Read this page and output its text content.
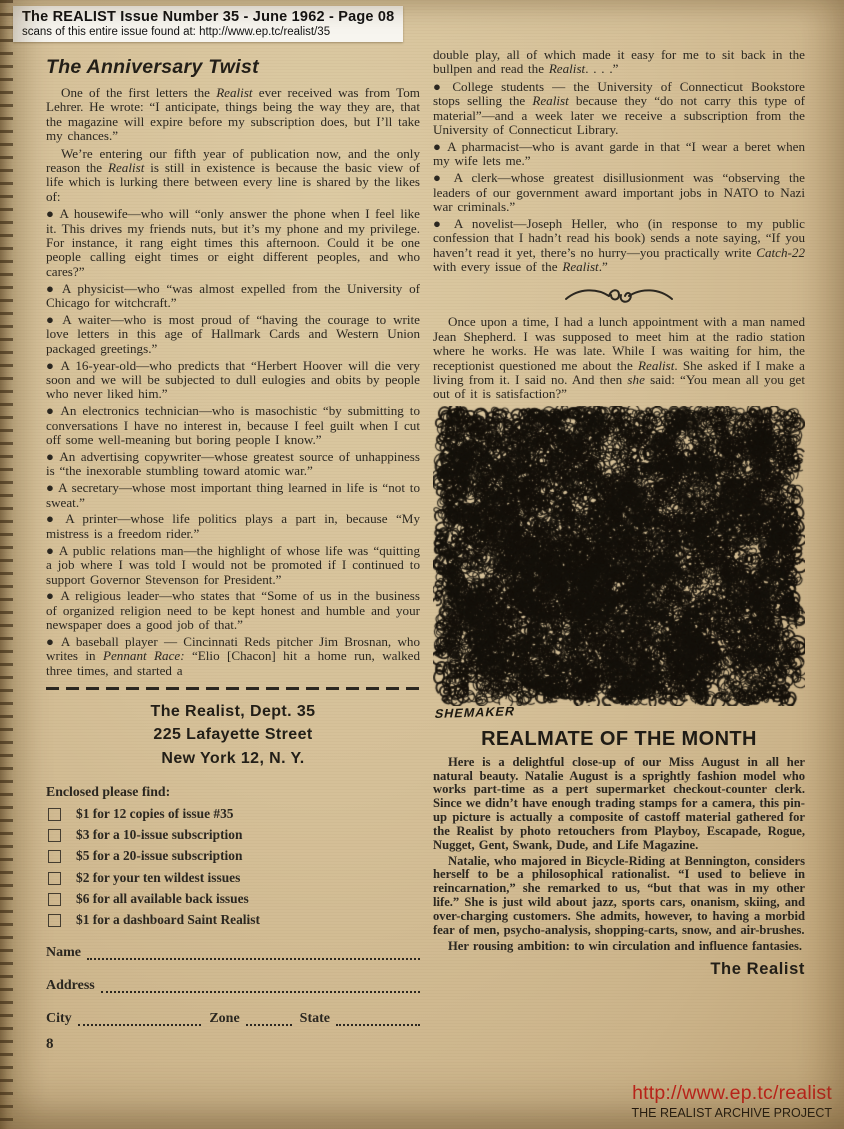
The REALIST Issue Number 35 - June 1962 - Page 08
scans of this entire issue found at: http://www.ep.tc/realist/35
The Anniversary Twist

One of the first letters the Realist ever received was from Tom Lehrer. He wrote: “I anticipate, things being the way they are, that the magazine will expire before my subscription does, but I’ll take my chances.”

We’re entering our fifth year of publication now, and the only reason the Realist is still in existence is because the basic view of life which is lurking there between every line is shared by the likes of:

● A housewife—who will “only answer the phone when I feel like it. This drives my friends nuts, but it’s my phone and my privilege. For instance, it rang eight times this afternoon. Could it be one people calling eight times or eight different peoples, and who cares?”
● A physicist—who “was almost expelled from the University of Chicago for witchcraft.”
● A waiter—who is most proud of “having the courage to write love letters in this age of Hallmark Cards and Western Union packaged greetings.”
● A 16-year-old—who predicts that “Herbert Hoover will die very soon and we will be subjected to dull eulogies and obits by people who never liked him.”
● An electronics technician—who is masochistic “by submitting to conversations I have no interest in, because I feel guilt when I cut off some well-meaning but boring people I know.”
● An advertising copywriter—whose greatest source of unhappiness is “the inexorable stumbling toward atomic war.”
● A secretary—whose most important thing learned in life is “not to sweat.”
● A printer—whose life politics plays a part in, because “My mistress is a freedom rider.”
● A public relations man—the highlight of whose life was “quitting a job where I was told I would not be promoted if I continued to support Governor Stevenson for President.”
● A religious leader—who states that “Some of us in the business of organized religion need to be kept honest and humble and your newspaper does a good job of that.”
● A baseball player — Cincinnati Reds pitcher Jim Brosnan, who writes in Pennant Race: “Elio [Chacon] hit a home run, walked three times, and started a
The Realist, Dept. 35
225 Lafayette Street
New York 12, N. Y.
Enclosed please find:
$1 for 12 copies of issue #35
$3 for a 10-issue subscription
$5 for a 20-issue subscription
$2 for your ten wildest issues
$6 for all available back issues
$1 for a dashboard Saint Realist
Name
Address
City	Zone	State
8

double play, all of which made it easy for me to sit back in the bullpen and read the Realist. . . .”

● College students — the University of Connecticut Bookstore stops selling the Realist because they “do not carry this type of material”—and a week later we receive a subscription from the University of Connecticut Library.
● A pharmacist—who is avant garde in that “I wear a beret when my wife lets me.”
● A clerk—whose greatest disillusionment was “observing the leaders of our government award important jobs in NATO to Nazi war criminals.”
● A novelist—Joseph Heller, who (in response to my public confession that I hadn’t read his book) sends a note saying, “If you haven’t read it yet, there’s no hurry—you practically write Catch-22 with every issue of the Realist.”

Once upon a time, I had a lunch appointment with a man named Jean Shepherd. I was supposed to meet him at the radio station where he works. He was late. While I was waiting for him, the receptionist questioned me about the Realist. She asked if I make a living from it. I said no. And then she said: “You mean all you get out of it is satisfaction?”

SHEMAKER
REALMATE OF THE MONTH

Here is a delightful close-up of our Miss August in all her natural beauty. Natalie August is a sprightly fashion model who works part-time as a pert supermarket checkout-counter clerk. Since we didn’t have enough trading stamps for a camera, this pin-up picture is actually a composite of castoff material gathered for the Realist by photo retouchers from Playboy, Escapade, Rogue, Nugget, Gent, Swank, Dude, and Life Magazine.

Natalie, who majored in Bicycle-Riding at Bennington, considers herself to be a philosophical rationalist. “I used to believe in reincarnation,” she remarked to us, “but that was in my other life.” She is just wild about jazz, sports cars, onanism, skiing, and over-charging customers. She admits, however, to having a morbid fear of men, psycho-analysis, shopping-carts, snow, and air-brushes.

Her rousing ambition: to win circulation and influence fantasies.

The Realist
http://www.ep.tc/realist
THE REALIST ARCHIVE PROJECT
